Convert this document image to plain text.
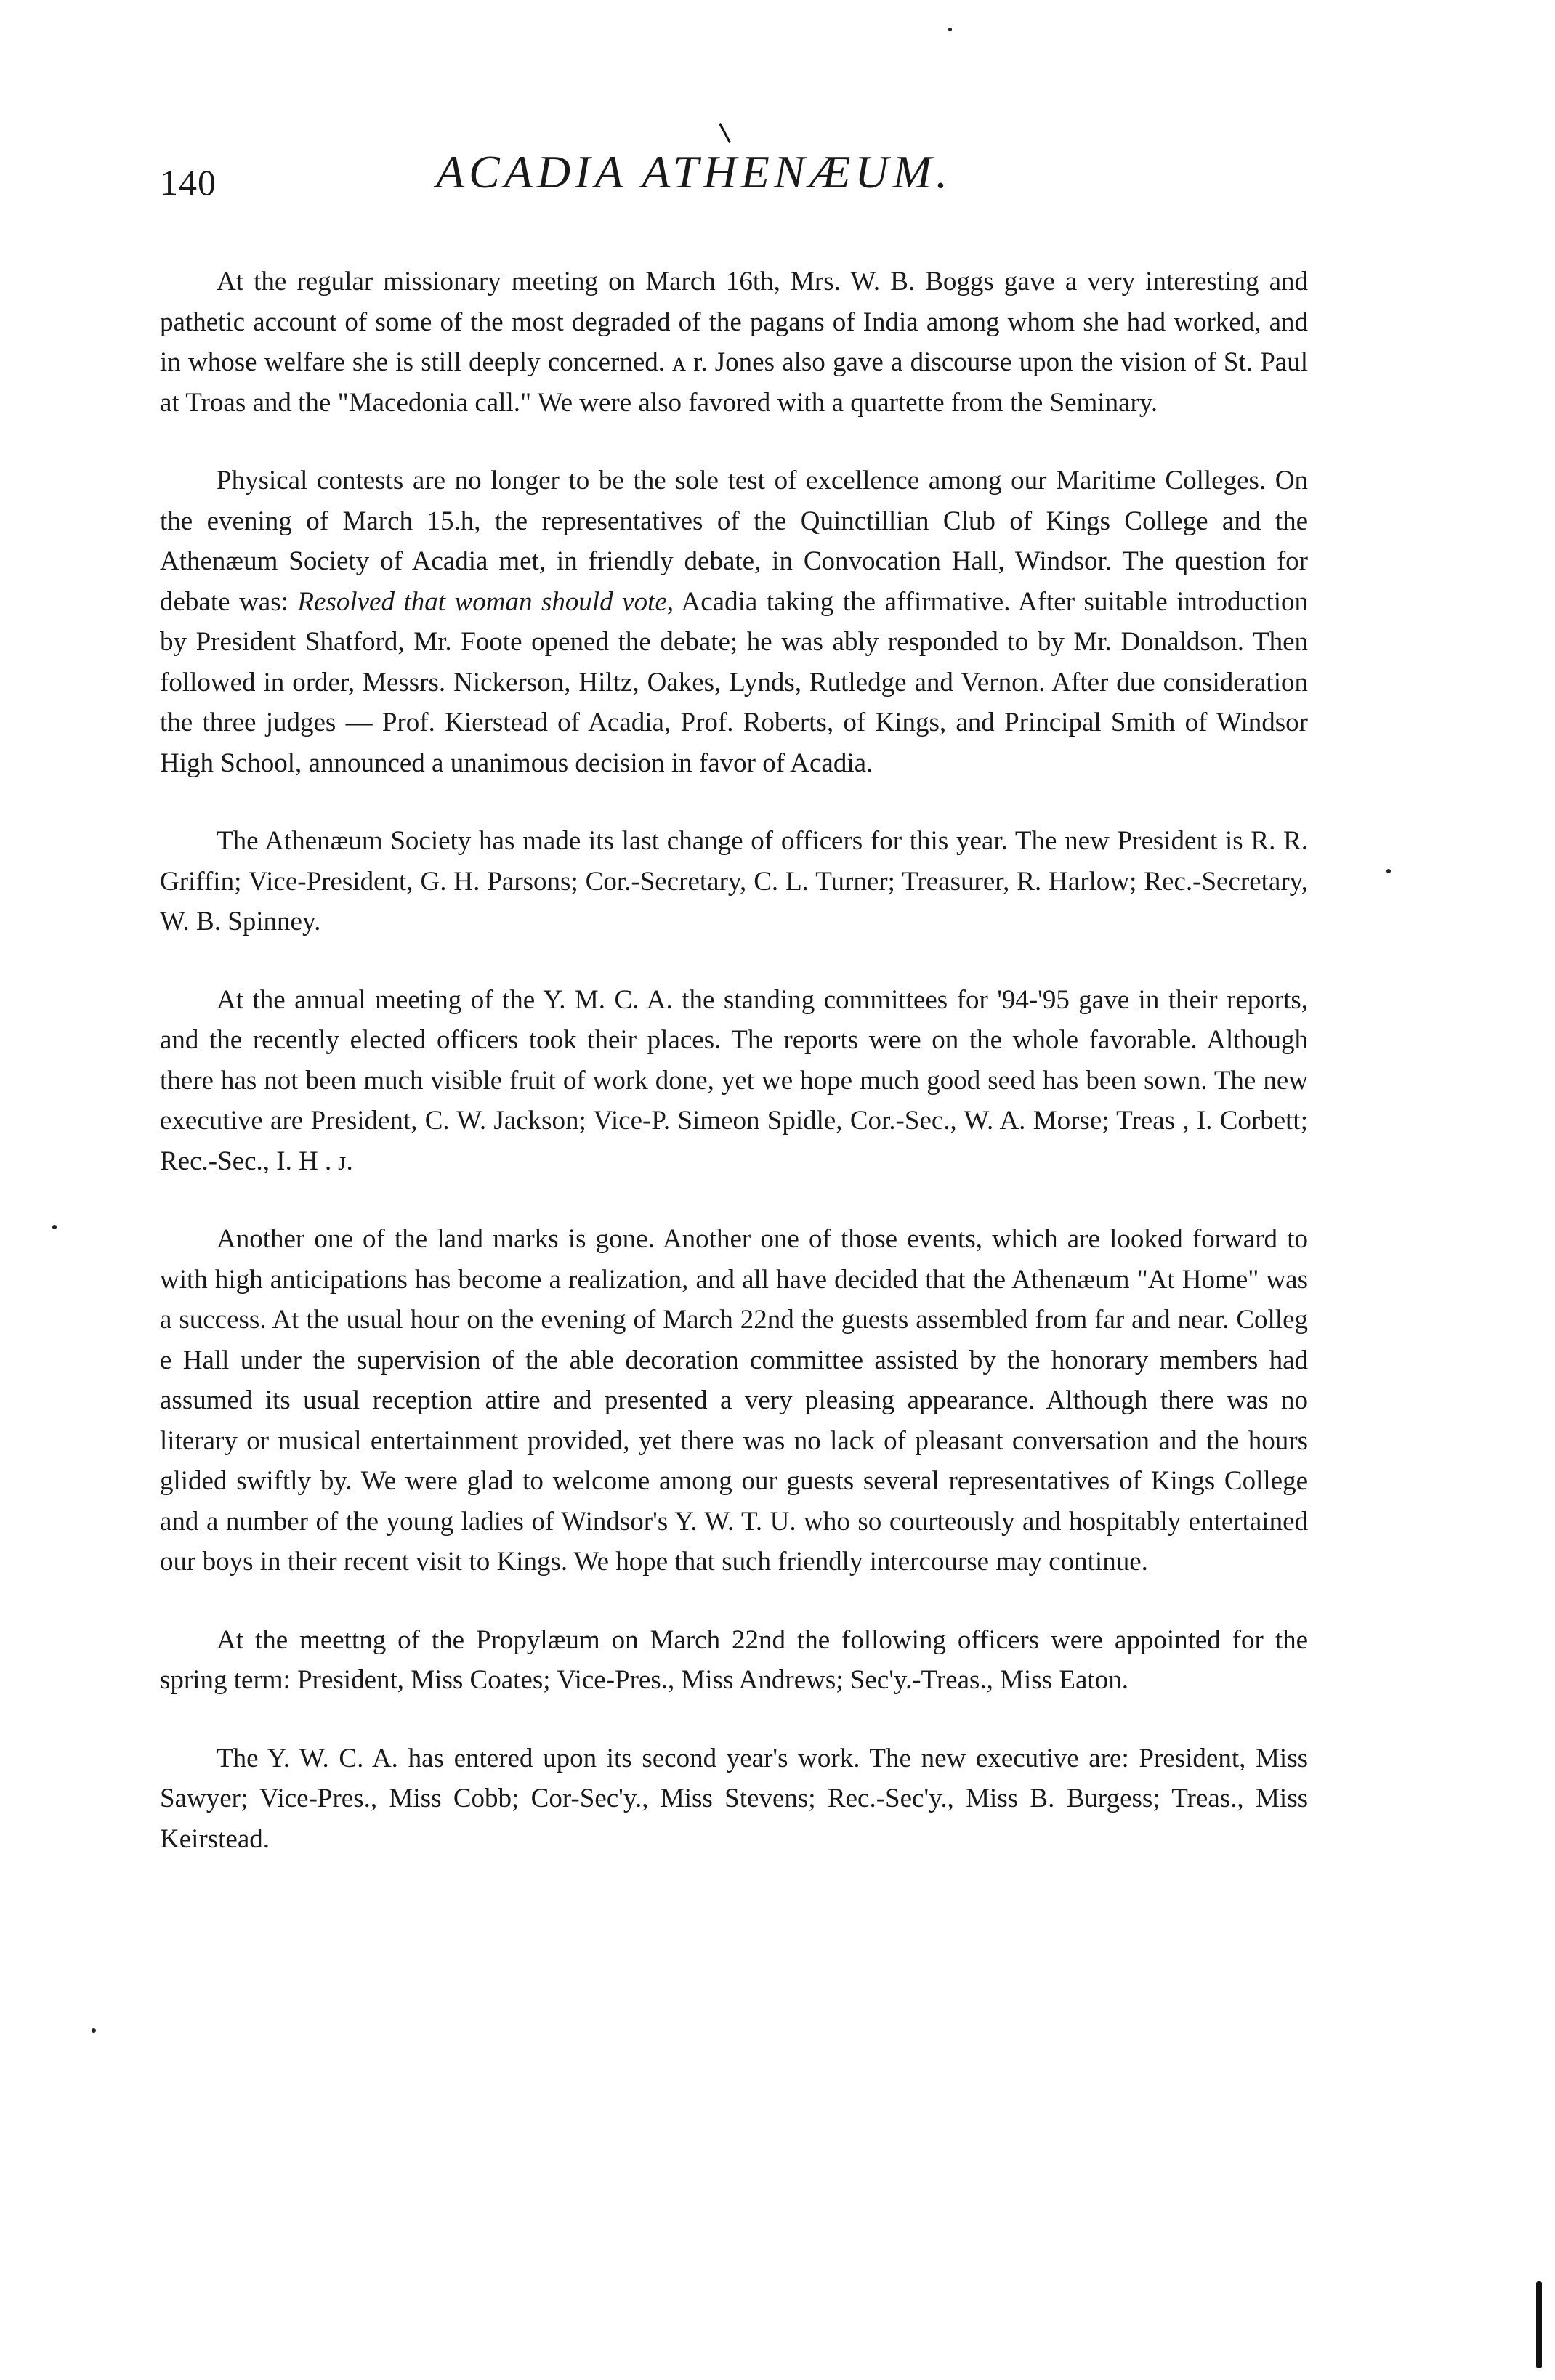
140	ACADIA ATHENÆUM.

At the regular missionary meeting on March 16th, Mrs. W. B. Boggs gave a very interesting and pathetic account of some of the most degraded of the pagans of India among whom she had worked, and in whose welfare she is still deeply concerned. ᴀ r. Jones also gave a discourse upon the vision of St. Paul at Troas and the "Macedonia call." We were also favored with a quartette from the Seminary.

Physical contests are no longer to be the sole test of excellence among our Maritime Colleges. On the evening of March 15.h, the representatives of the Quinctillian Club of Kings College and the Athenæum Society of Acadia met, in friendly debate, in Convocation Hall, Windsor. The question for debate was: Resolved that woman should vote, Acadia taking the affirmative. After suitable introduction by President Shatford, Mr. Foote opened the debate; he was ably responded to by Mr. Donaldson. Then followed in order, Messrs. Nickerson, Hiltz, Oakes, Lynds, Rutledge and Vernon. After due consideration the three judges — Prof. Kierstead of Acadia, Prof. Roberts, of Kings, and Principal Smith of Windsor High School, announced a unanimous decision in favor of Acadia.

The Athenæum Society has made its last change of officers for this year. The new President is R. R. Griffin; Vice-President, G. H. Parsons; Cor.-Secretary, C. L. Turner; Treasurer, R. Harlow; Rec.-Secretary, W. B. Spinney.

At the annual meeting of the Y. M. C. A. the standing committees for '94-'95 gave in their reports, and the recently elected officers took their places. The reports were on the whole favorable. Although there has not been much visible fruit of work done, yet we hope much good seed has been sown. The new executive are President, C. W. Jackson; Vice-P. Simeon Spidle, Cor.-Sec., W. A. Morse; Treas , I. Corbett; Rec.-Sec., I. H . ᴊ.

Another one of the land marks is gone. Another one of those events, which are looked forward to with high anticipations has become a realization, and all have decided that the Athenæum "At Home" was a success. At the usual hour on the evening of March 22nd the guests assembled from far and near. Colleg e Hall under the supervision of the able decoration committee assisted by the honorary members had assumed its usual reception attire and presented a very pleasing appearance. Although there was no literary or musical entertainment provided, yet there was no lack of pleasant conversation and the hours glided swiftly by. We were glad to welcome among our guests several representatives of Kings College and a number of the young ladies of Windsor's Y. W. T. U. who so courteously and hospitably entertained our boys in their recent visit to Kings. We hope that such friendly intercourse may continue.

At the meettng of the Propylæum on March 22nd the following officers were appointed for the spring term: President, Miss Coates; Vice-Pres., Miss Andrews; Sec'y.-Treas., Miss Eaton.

The Y. W. C. A. has entered upon its second year's work. The new executive are: President, Miss Sawyer; Vice-Pres., Miss Cobb; Cor-Sec'y., Miss Stevens; Rec.-Sec'y., Miss B. Burgess; Treas., Miss Keirstead.
